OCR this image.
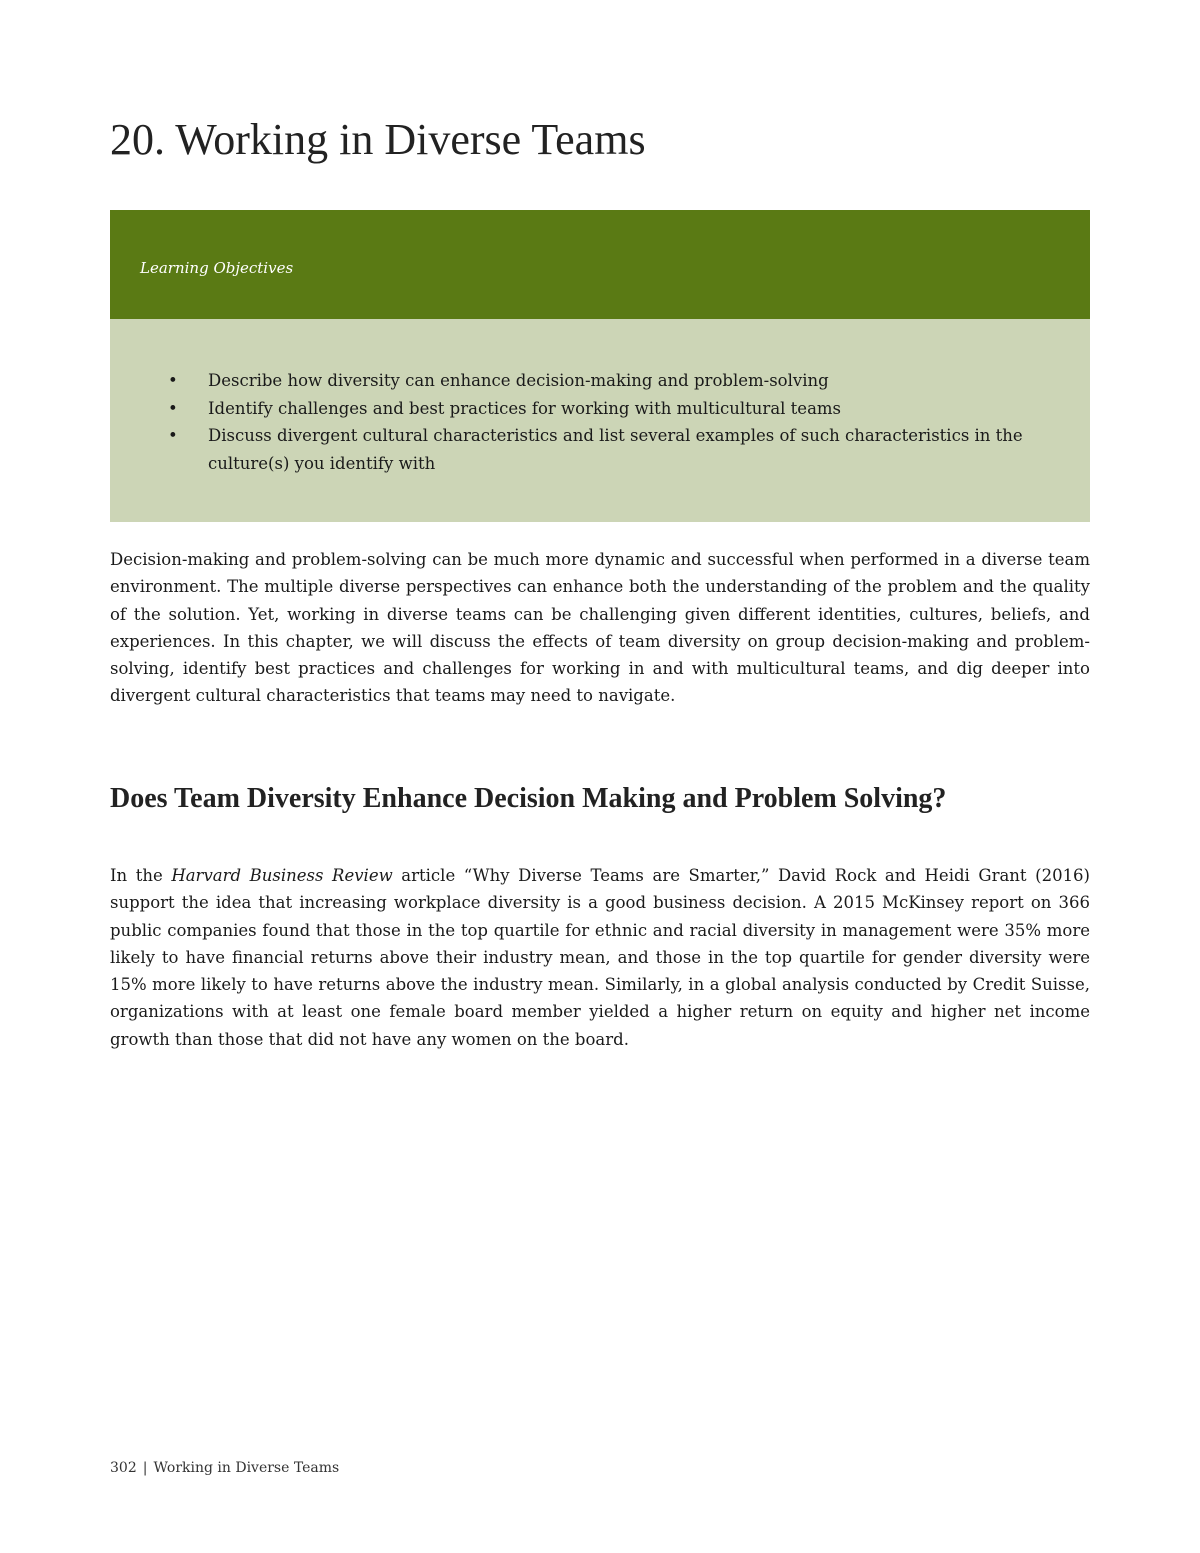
20. Working in Diverse Teams
Learning Objectives
• Describe how diversity can enhance decision-making and problem-solving
• Identify challenges and best practices for working with multicultural teams
• Discuss divergent cultural characteristics and list several examples of such characteristics in the culture(s) you identify with

Decision-making and problem-solving can be much more dynamic and successful when performed in a diverse team environment. The multiple diverse perspectives can enhance both the understanding of the problem and the quality of the solution. Yet, working in diverse teams can be challenging given different identities, cultures, beliefs, and experiences. In this chapter, we will discuss the effects of team diversity on group decision-making and problem-solving, identify best practices and challenges for working in and with multicultural teams, and dig deeper into divergent cultural characteristics that teams may need to navigate.

Does Team Diversity Enhance Decision Making and Problem Solving?

In the Harvard Business Review article “Why Diverse Teams are Smarter,” David Rock and Heidi Grant (2016) support the idea that increasing workplace diversity is a good business decision. A 2015 McKinsey report on 366 public companies found that those in the top quartile for ethnic and racial diversity in management were 35% more likely to have financial returns above their industry mean, and those in the top quartile for gender diversity were 15% more likely to have returns above the industry mean. Similarly, in a global analysis conducted by Credit Suisse, organizations with at least one female board member yielded a higher return on equity and higher net income growth than those that did not have any women on the board.

302 | Working in Diverse Teams
